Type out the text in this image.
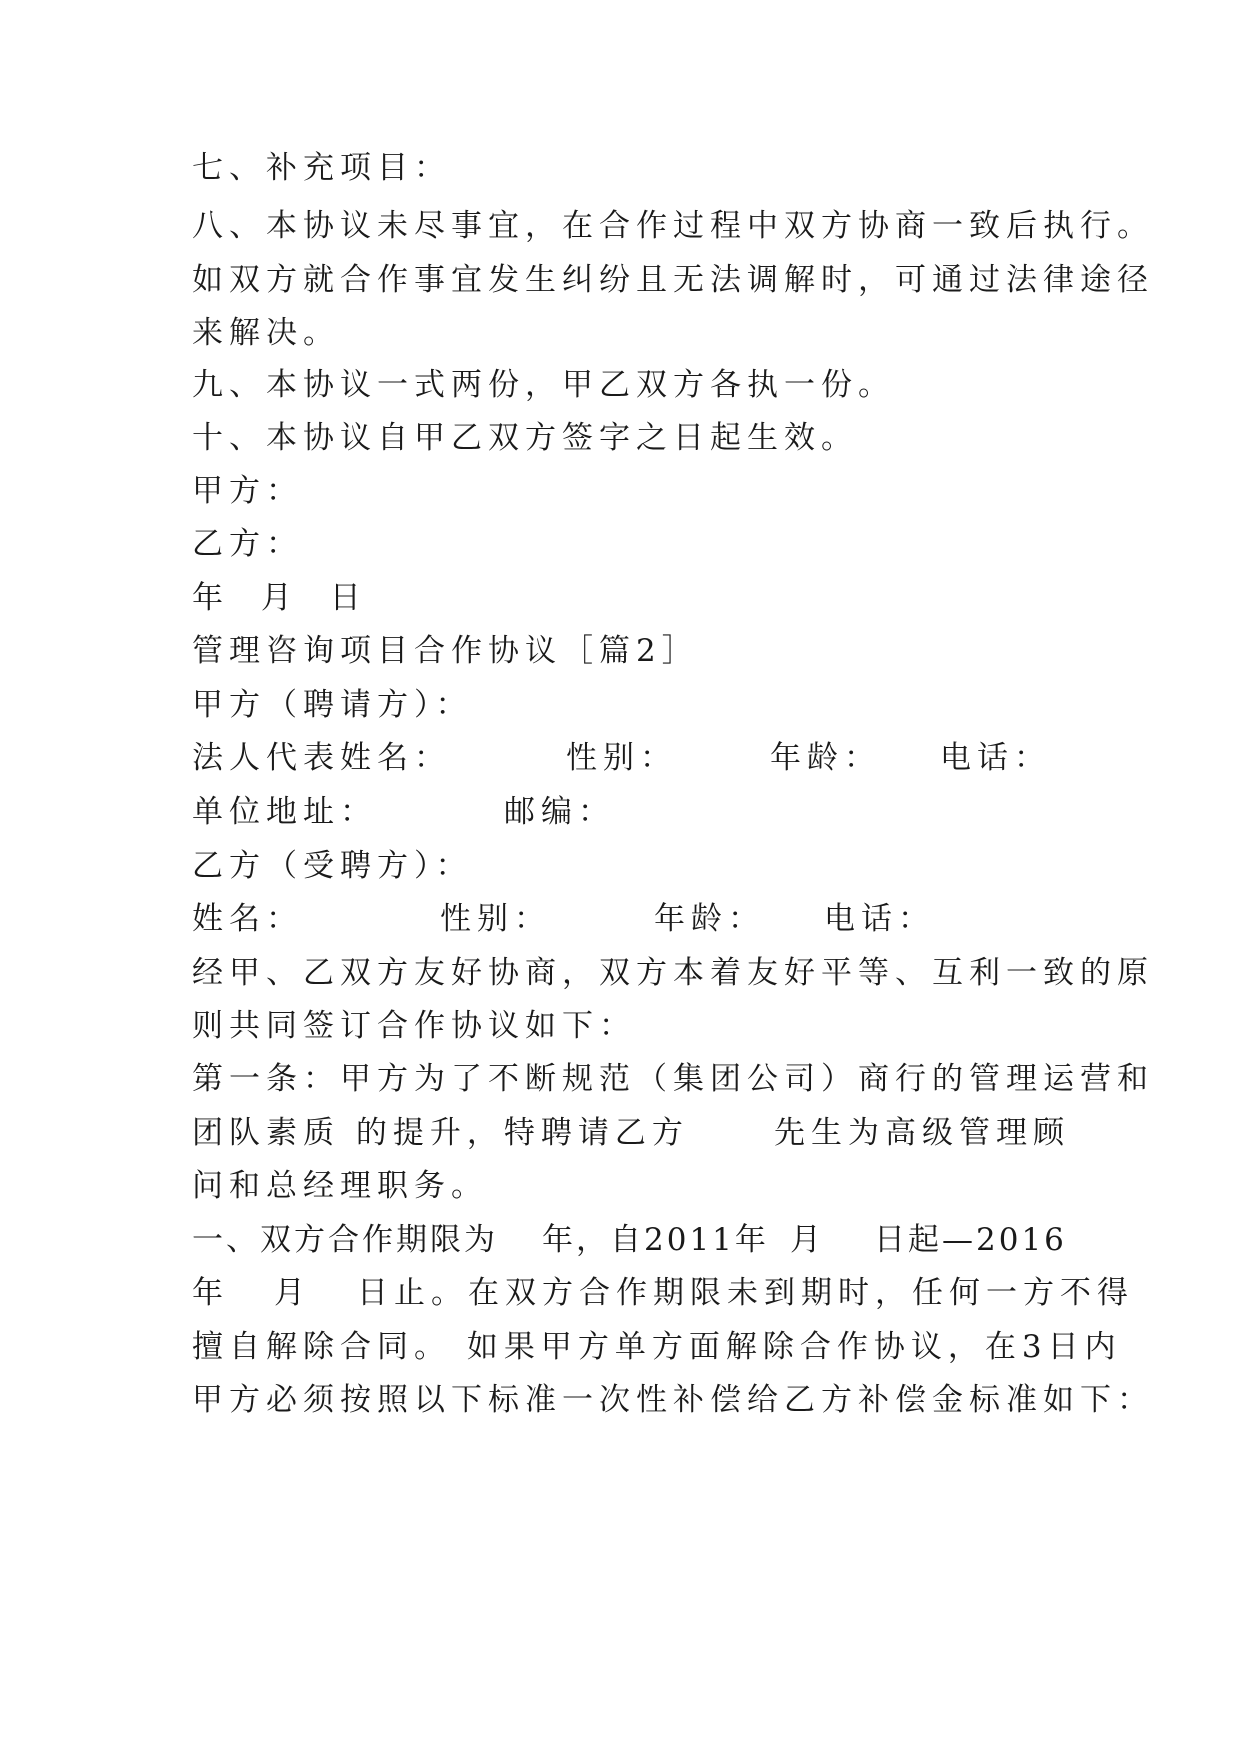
七、补充项目：
八、本协议未尽事宜，在合作过程中双方协商一致后执行。
如双方就合作事宜发生纠纷且无法调解时，可通过法律途径
来解决。
九、本协议一式两份，甲乙双方各执一份。
十、本协议自甲乙双方签字之日起生效。
甲方：
乙方：
年 月 日
管理咨询项目合作协议［篇2］
甲方（聘请方）：
法人代表姓名：	性别：	年龄： 电话：
单位地址：	邮编：
乙方（受聘方）：
姓名：	性别：	年龄： 电话：
经甲、乙双方友好协商，双方本着友好平等、互利一致的原
则共同签订合作协议如下：
第一条：甲方为了不断规范（集团公司）商行的管理运营和
团队素质 的提升，特聘请乙方	先生为高级管理顾
问和总经理职务。
一、双方合作期限为 年，自2011年 月 日起—2016
年 月 日止。在双方合作期限未到期时，任何一方不得
擅自解除合同。 如果甲方单方面解除合作协议，在3日内
甲方必须按照以下标准一次性补偿给乙方补偿金标准如下：
